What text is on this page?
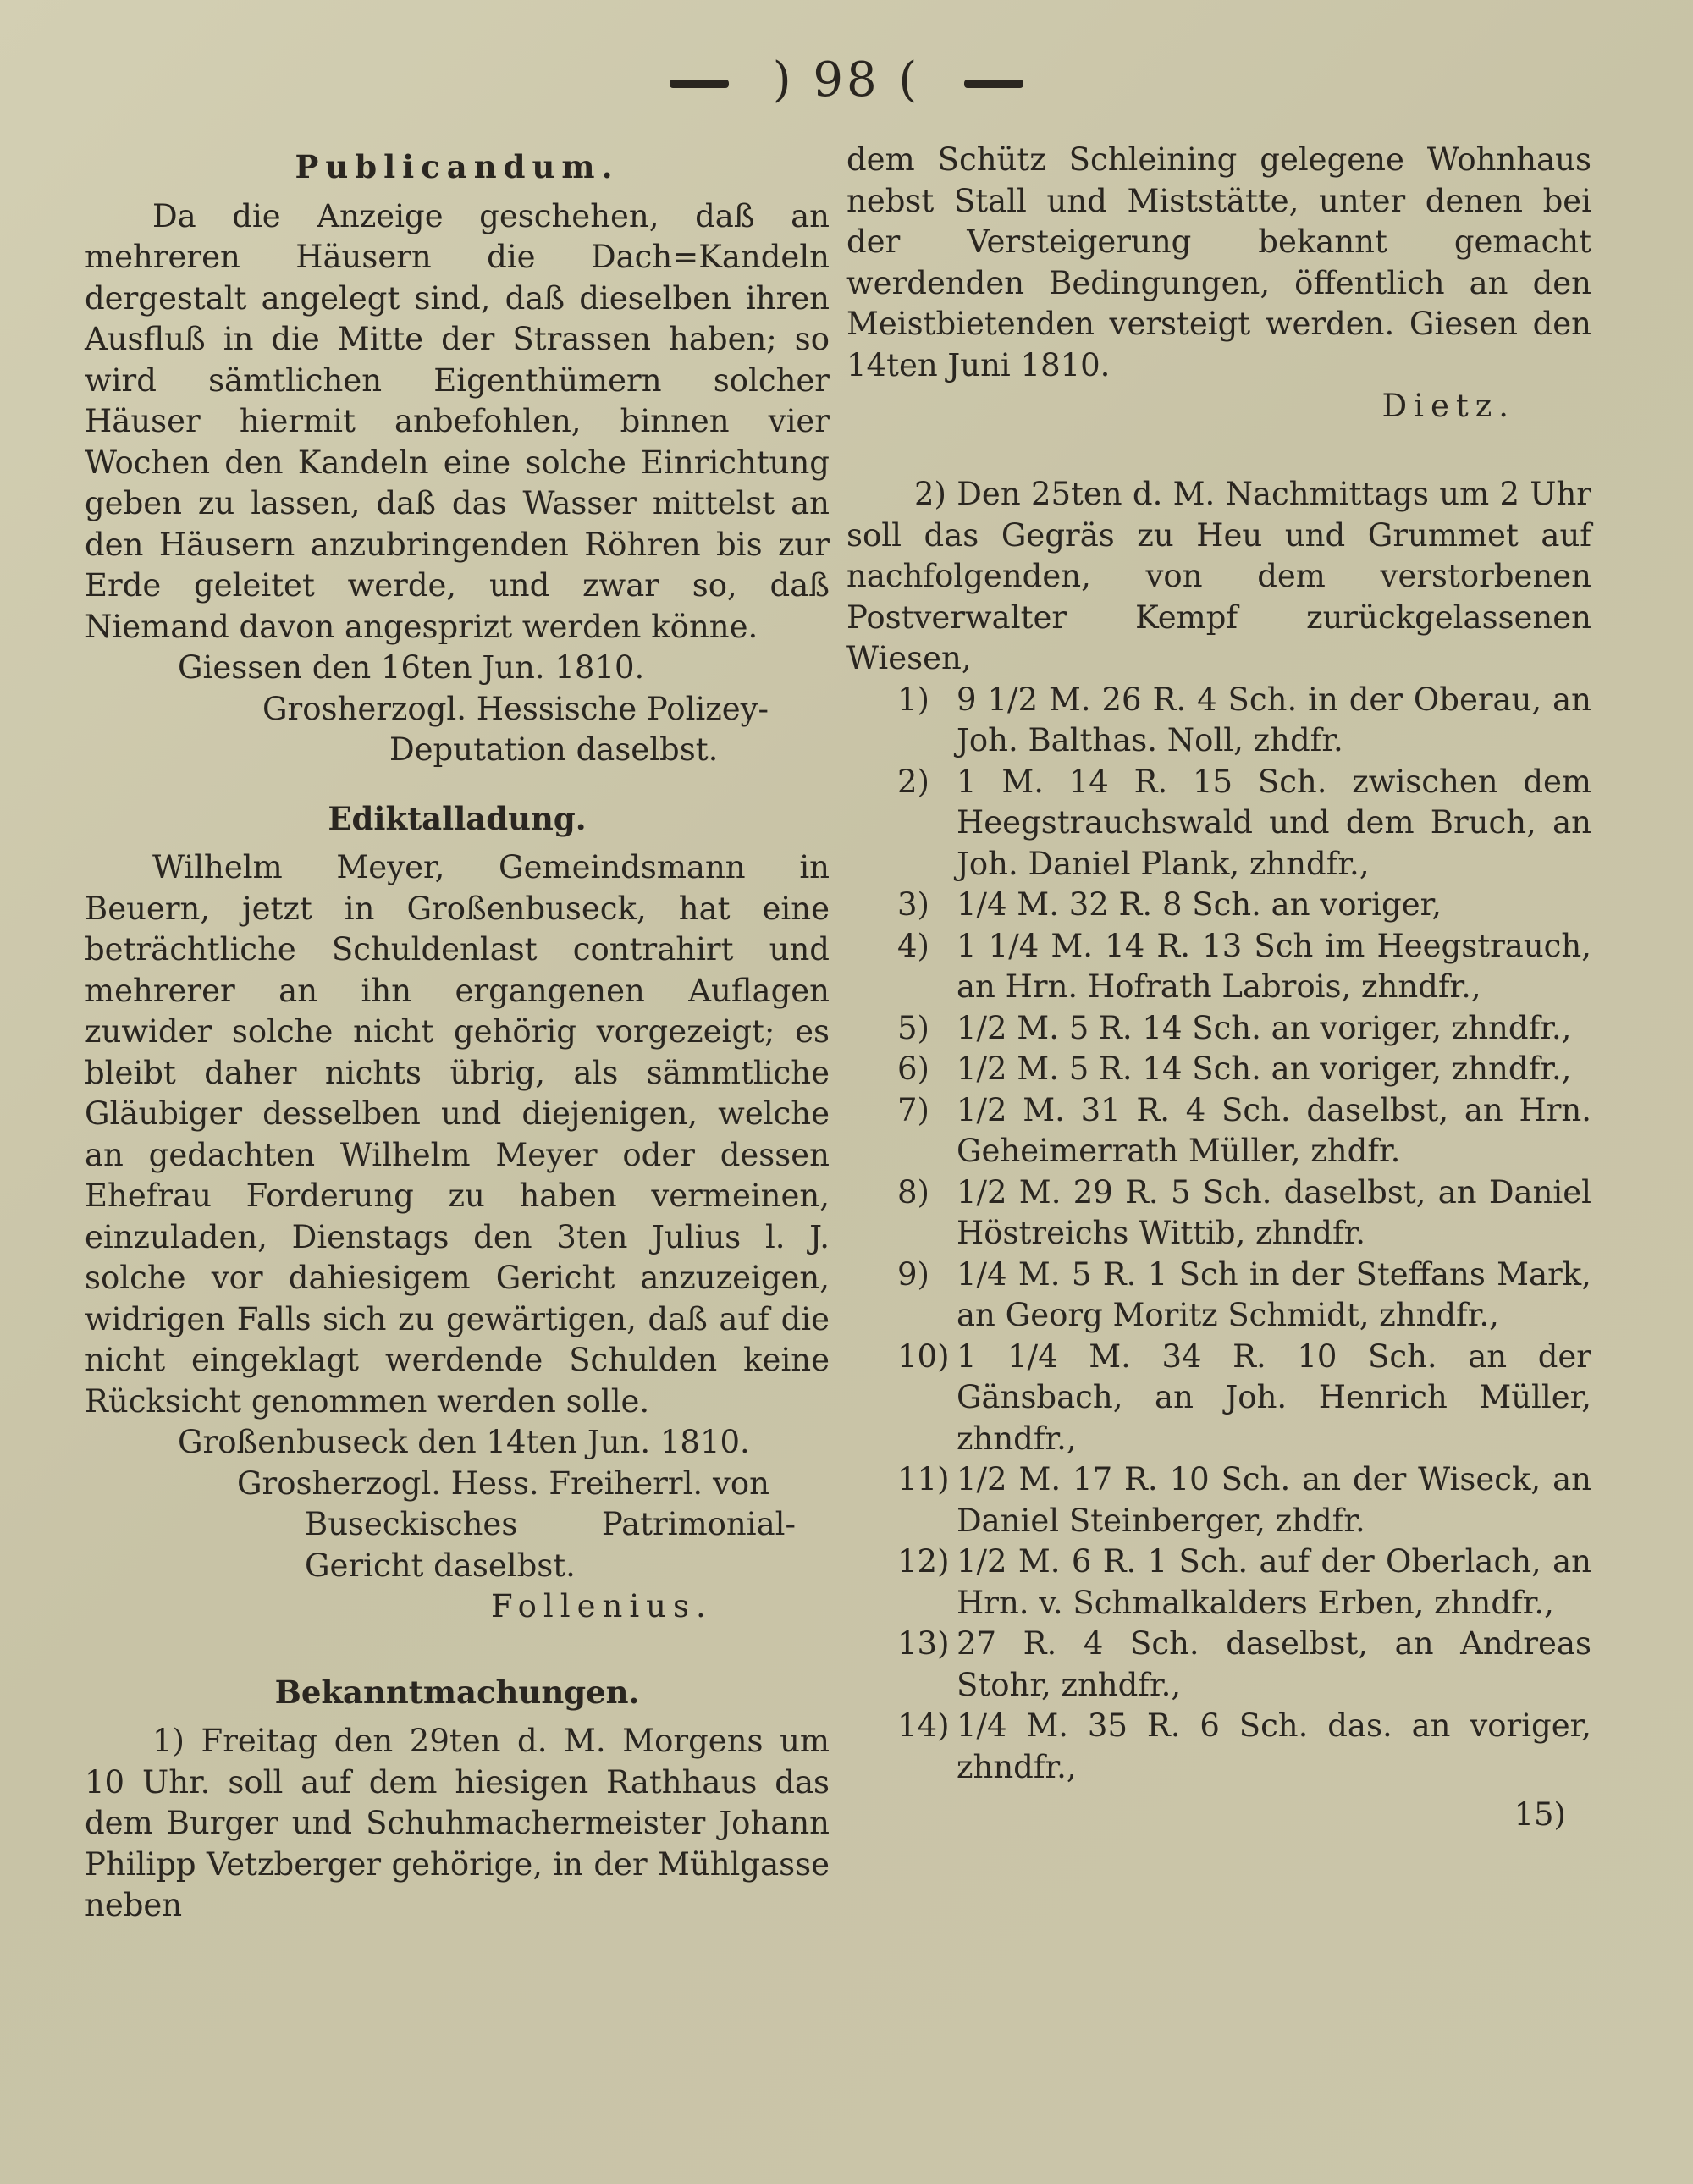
) 98 (

Publicandum.

Da die Anzeige geschehen, daß an mehreren Häusern die Dach=Kandeln dergestalt angelegt sind, daß dieselben ihren Ausfluß in die Mitte der Strassen haben; so wird sämtlichen Eigenthümern solcher Häuser hiermit anbefohlen, binnen vier Wochen den Kandeln eine solche Einrichtung geben zu lassen, daß das Wasser mittelst an den Häusern anzubringenden Röhren bis zur Erde geleitet werde, und zwar so, daß Niemand davon angesprizt werden könne.

Giessen den 16ten Jun. 1810.

Grosherzogl. Hessische Polizey-

Deputation daselbst.

Ediktalladung.

Wilhelm Meyer, Gemeindsmann in Beuern, jetzt in Großenbuseck, hat eine beträchtliche Schuldenlast contrahirt und mehrerer an ihn ergangenen Auflagen zuwider solche nicht gehörig vorgezeigt; es bleibt daher nichts übrig, als sämmtliche Gläubiger desselben und diejenigen, welche an gedachten Wilhelm Meyer oder dessen Ehefrau Forderung zu haben vermeinen, einzuladen, Dienstags den 3ten Julius l. J. solche vor dahiesigem Gericht anzuzeigen, widrigen Falls sich zu gewärtigen, daß auf die nicht eingeklagt werdende Schulden keine Rücksicht genommen werden solle.

Großenbuseck den 14ten Jun. 1810.

Grosherzogl. Hess. Freiherrl. von

Buseckisches Patrimonial-Gericht daselbst.

Follenius.

Bekanntmachungen.

1) Freitag den 29ten d. M. Morgens um 10 Uhr. soll auf dem hiesigen Rathhaus das dem Burger und Schuhmachermeister Johann Philipp Vetzberger gehörige, in der Mühlgasse neben

dem Schütz Schleining gelegene Wohnhaus nebst Stall und Miststätte, unter denen bei der Versteigerung bekannt gemacht werdenden Bedingungen, öffentlich an den Meistbietenden versteigt werden. Giesen den 14ten Juni 1810.

Dietz.

2) Den 25ten d. M. Nachmittags um 2 Uhr soll das Gegräs zu Heu und Grummet auf nachfolgenden, von dem verstorbenen Postverwalter Kempf zurückgelassenen Wiesen,

1) 9 1/2 M. 26 R. 4 Sch. in der Oberau, an Joh. Balthas. Noll, zhdfr.
2) 1 M. 14 R. 15 Sch. zwischen dem Heegstrauchswald und dem Bruch, an Joh. Daniel Plank, zhndfr.,
3) 1/4 M. 32 R. 8 Sch. an voriger,
4) 1 1/4 M. 14 R. 13 Sch im Heegstrauch, an Hrn. Hofrath Labrois, zhndfr.,
5) 1/2 M. 5 R. 14 Sch. an voriger, zhndfr.,
6) 1/2 M. 5 R. 14 Sch. an voriger, zhndfr.,
7) 1/2 M. 31 R. 4 Sch. daselbst, an Hrn. Geheimerrath Müller, zhdfr.
8) 1/2 M. 29 R. 5 Sch. daselbst, an Daniel Höstreichs Wittib, zhndfr.
9) 1/4 M. 5 R. 1 Sch in der Steffans Mark, an Georg Moritz Schmidt, zhndfr.,
10) 1 1/4 M. 34 R. 10 Sch. an der Gänsbach, an Joh. Henrich Müller, zhndfr.,
11) 1/2 M. 17 R. 10 Sch. an der Wiseck, an Daniel Steinberger, zhdfr.
12) 1/2 M. 6 R. 1 Sch. auf der Oberlach, an Hrn. v. Schmalkalders Erben, zhndfr.,
13) 27 R. 4 Sch. daselbst, an Andreas Stohr, znhdfr.,
14) 1/4 M. 35 R. 6 Sch. das. an voriger, zhndfr.,

15)
